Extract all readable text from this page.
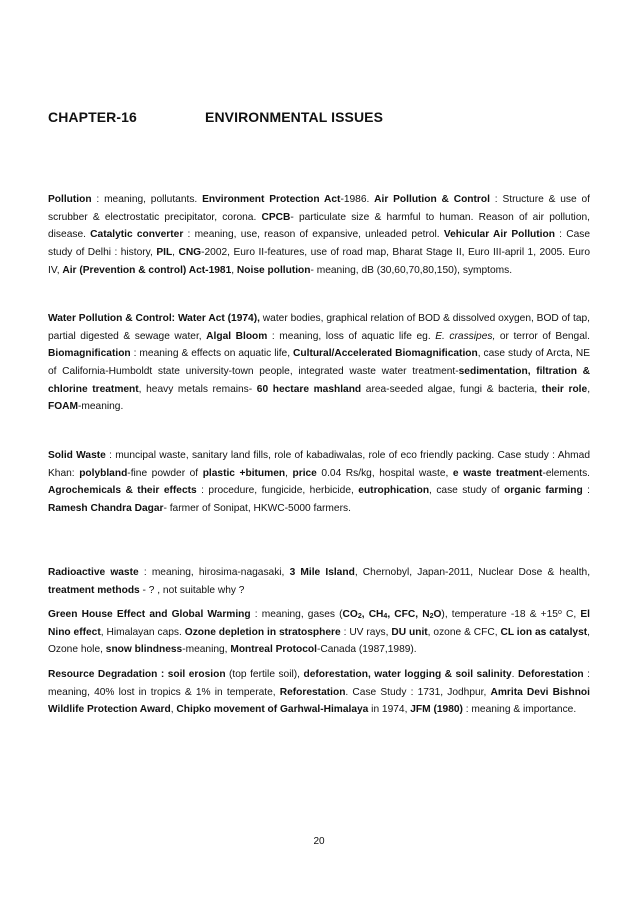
CHAPTER-16	ENVIRONMENTAL ISSUES

Pollution : meaning, pollutants. Environment Protection Act-1986. Air Pollution & Control : Structure & use of scrubber & electrostatic precipitator, corona. CPCB- particulate size & harmful to human. Reason of air pollution, disease. Catalytic converter : meaning, use, reason of expansive, unleaded petrol. Vehicular Air Pollution : Case study of Delhi : history, PIL, CNG-2002, Euro II-features, use of road map, Bharat Stage II, Euro III-april 1, 2005. Euro IV, Air (Prevention & control) Act-1981, Noise pollution- meaning, dB (30,60,70,80,150), symptoms.

Water Pollution & Control: Water Act (1974), water bodies, graphical relation of BOD & dissolved oxygen, BOD of tap, partial digested & sewage water, Algal Bloom : meaning, loss of aquatic life eg. E. crassipes, or terror of Bengal. Biomagnification : meaning & effects on aquatic life, Cultural/Accelerated Biomagnification, case study of Arcta, NE of California-Humboldt state university-town people, integrated waste water treatment-sedimentation, filtration & chlorine treatment, heavy metals remains- 60 hectare mashland area-seeded algae, fungi & bacteria, their role, FOAM-meaning.

Solid Waste : muncipal waste, sanitary land fills, role of kabadiwalas, role of eco friendly packing. Case study : Ahmad Khan: polybland-fine powder of plastic +bitumen, price 0.04 Rs/kg, hospital waste, e waste treatment-elements. Agrochemicals & their effects : procedure, fungicide, herbicide, eutrophication, case study of organic farming : Ramesh Chandra Dagar- farmer of Sonipat, HKWC-5000 farmers.

Radioactive waste : meaning, hirosima-nagasaki, 3 Mile Island, Chernobyl, Japan-2011, Nuclear Dose & health, treatment methods - ? , not suitable why ?

Green House Effect and Global Warming : meaning, gases ($CO_2$, $CH_4$, CFC, $N_2O$), temperature -18 & $+15^o$ C, El Nino effect, Himalayan caps. Ozone depletion in stratosphere : UV rays, DU unit, ozone & CFC, CL ion as catalyst, Ozone hole, snow blindness-meaning, Montreal Protocol-Canada (1987,1989).

Resource Degradation : soil erosion (top fertile soil), deforestation, water logging & soil salinity. Deforestation : meaning, 40% lost in tropics & 1% in temperate, Reforestation. Case Study : 1731, Jodhpur, Amrita Devi Bishnoi Wildlife Protection Award, Chipko movement of Garhwal-Himalaya in 1974, JFM (1980) : meaning & importance.

20
